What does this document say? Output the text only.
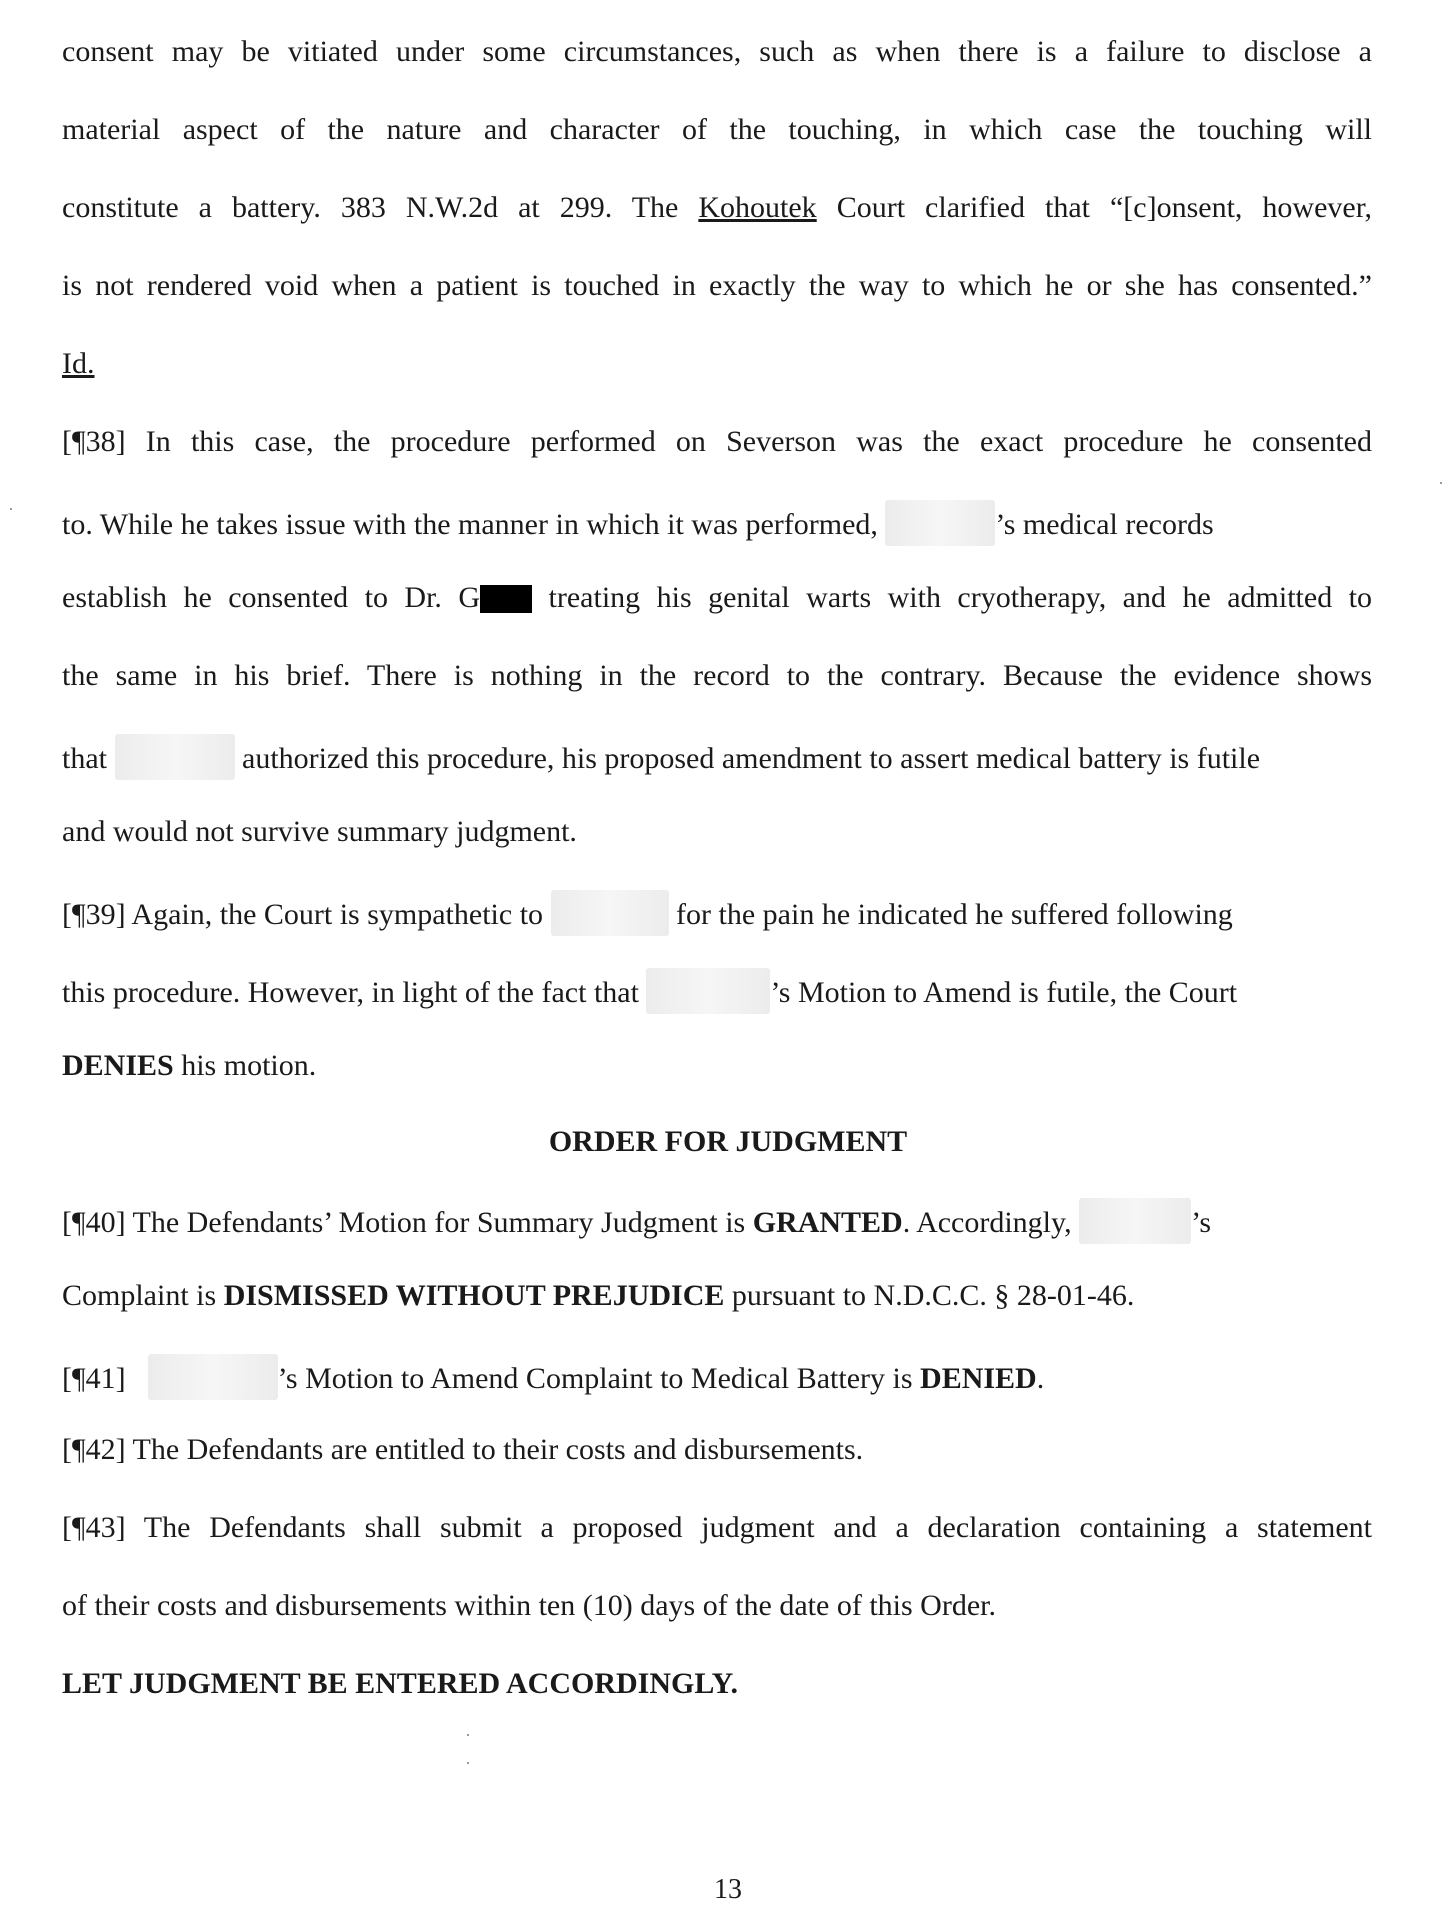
consent may be vitiated under some circumstances, such as when there is a failure to disclose a
material aspect of the nature and character of the touching, in which case the touching will
constitute a battery. 383 N.W.2d at 299. The Kohoutek Court clarified that “[c]onsent, however,
is not rendered void when a patient is touched in exactly the way to which he or she has consented.”
Id.
[¶38] In this case, the procedure performed on Severson was the exact procedure he consented
to. While he takes issue with the manner in which it was performed,	’s medical records
establish he consented to Dr. G treating his genital warts with cryotherapy, and he admitted to
the same in his brief. There is nothing in the record to the contrary. Because the evidence shows
that	authorized this procedure, his proposed amendment to assert medical battery is futile
and would not survive summary judgment.
[¶39] Again, the Court is sympathetic to	for the pain he indicated he suffered following
this procedure. However, in light of the fact that	’s Motion to Amend is futile, the Court
DENIES his motion.
ORDER FOR JUDGMENT
[¶40] The Defendants’ Motion for Summary Judgment is GRANTED. Accordingly,	’s
Complaint is DISMISSED WITHOUT PREJUDICE pursuant to N.D.C.C. § 28-01-46.
[¶41]	’s Motion to Amend Complaint to Medical Battery is DENIED.
[¶42] The Defendants are entitled to their costs and disbursements.
[¶43] The Defendants shall submit a proposed judgment and a declaration containing a statement
of their costs and disbursements within ten (10) days of the date of this Order.
LET JUDGMENT BE ENTERED ACCORDINGLY.
13
